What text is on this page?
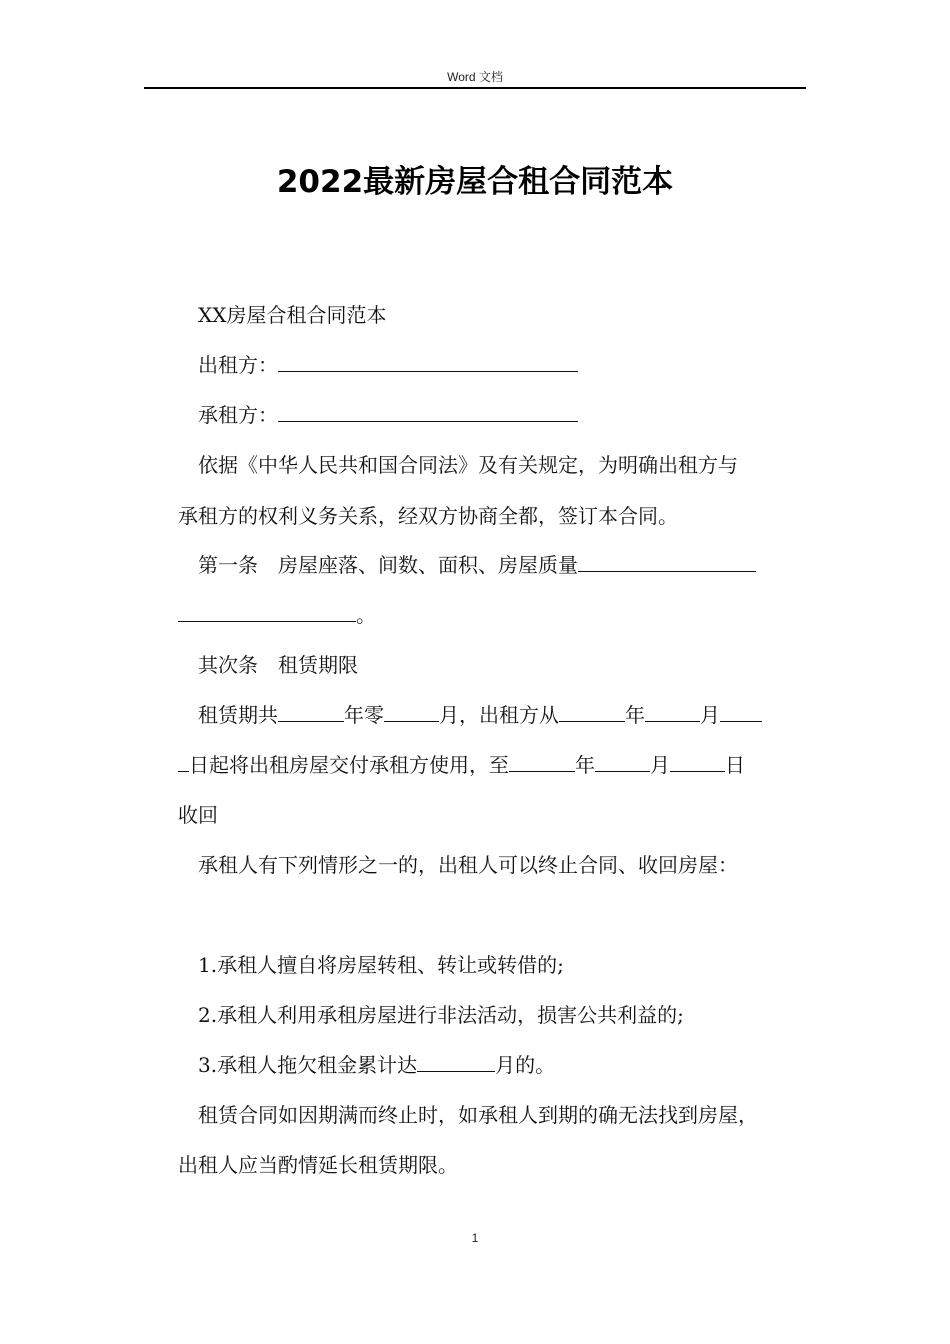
Word 文档
2022最新房屋合租合同范本
XX房屋合租合同范本
出租方：
承租方：
依据《中华人民共和国合同法》及有关规定，为明确出租方与
承租方的权利义务关系，经双方协商全都，签订本合同。
第一条　房屋座落、间数、面积、房屋质量
。
其次条　租赁期限
租赁期共	年零	月，出租方从	年	月
日起将出租房屋交付承租方使用，至	年	月	日
收回
承租人有下列情形之一的，出租人可以终止合同、收回房屋：
1.承租人擅自将房屋转租、转让或转借的;
2.承租人利用承租房屋进行非法活动，损害公共利益的;
3.承租人拖欠租金累计达	月的。
租赁合同如因期满而终止时，如承租人到期的确无法找到房屋，
出租人应当酌情延长租赁期限。
1
